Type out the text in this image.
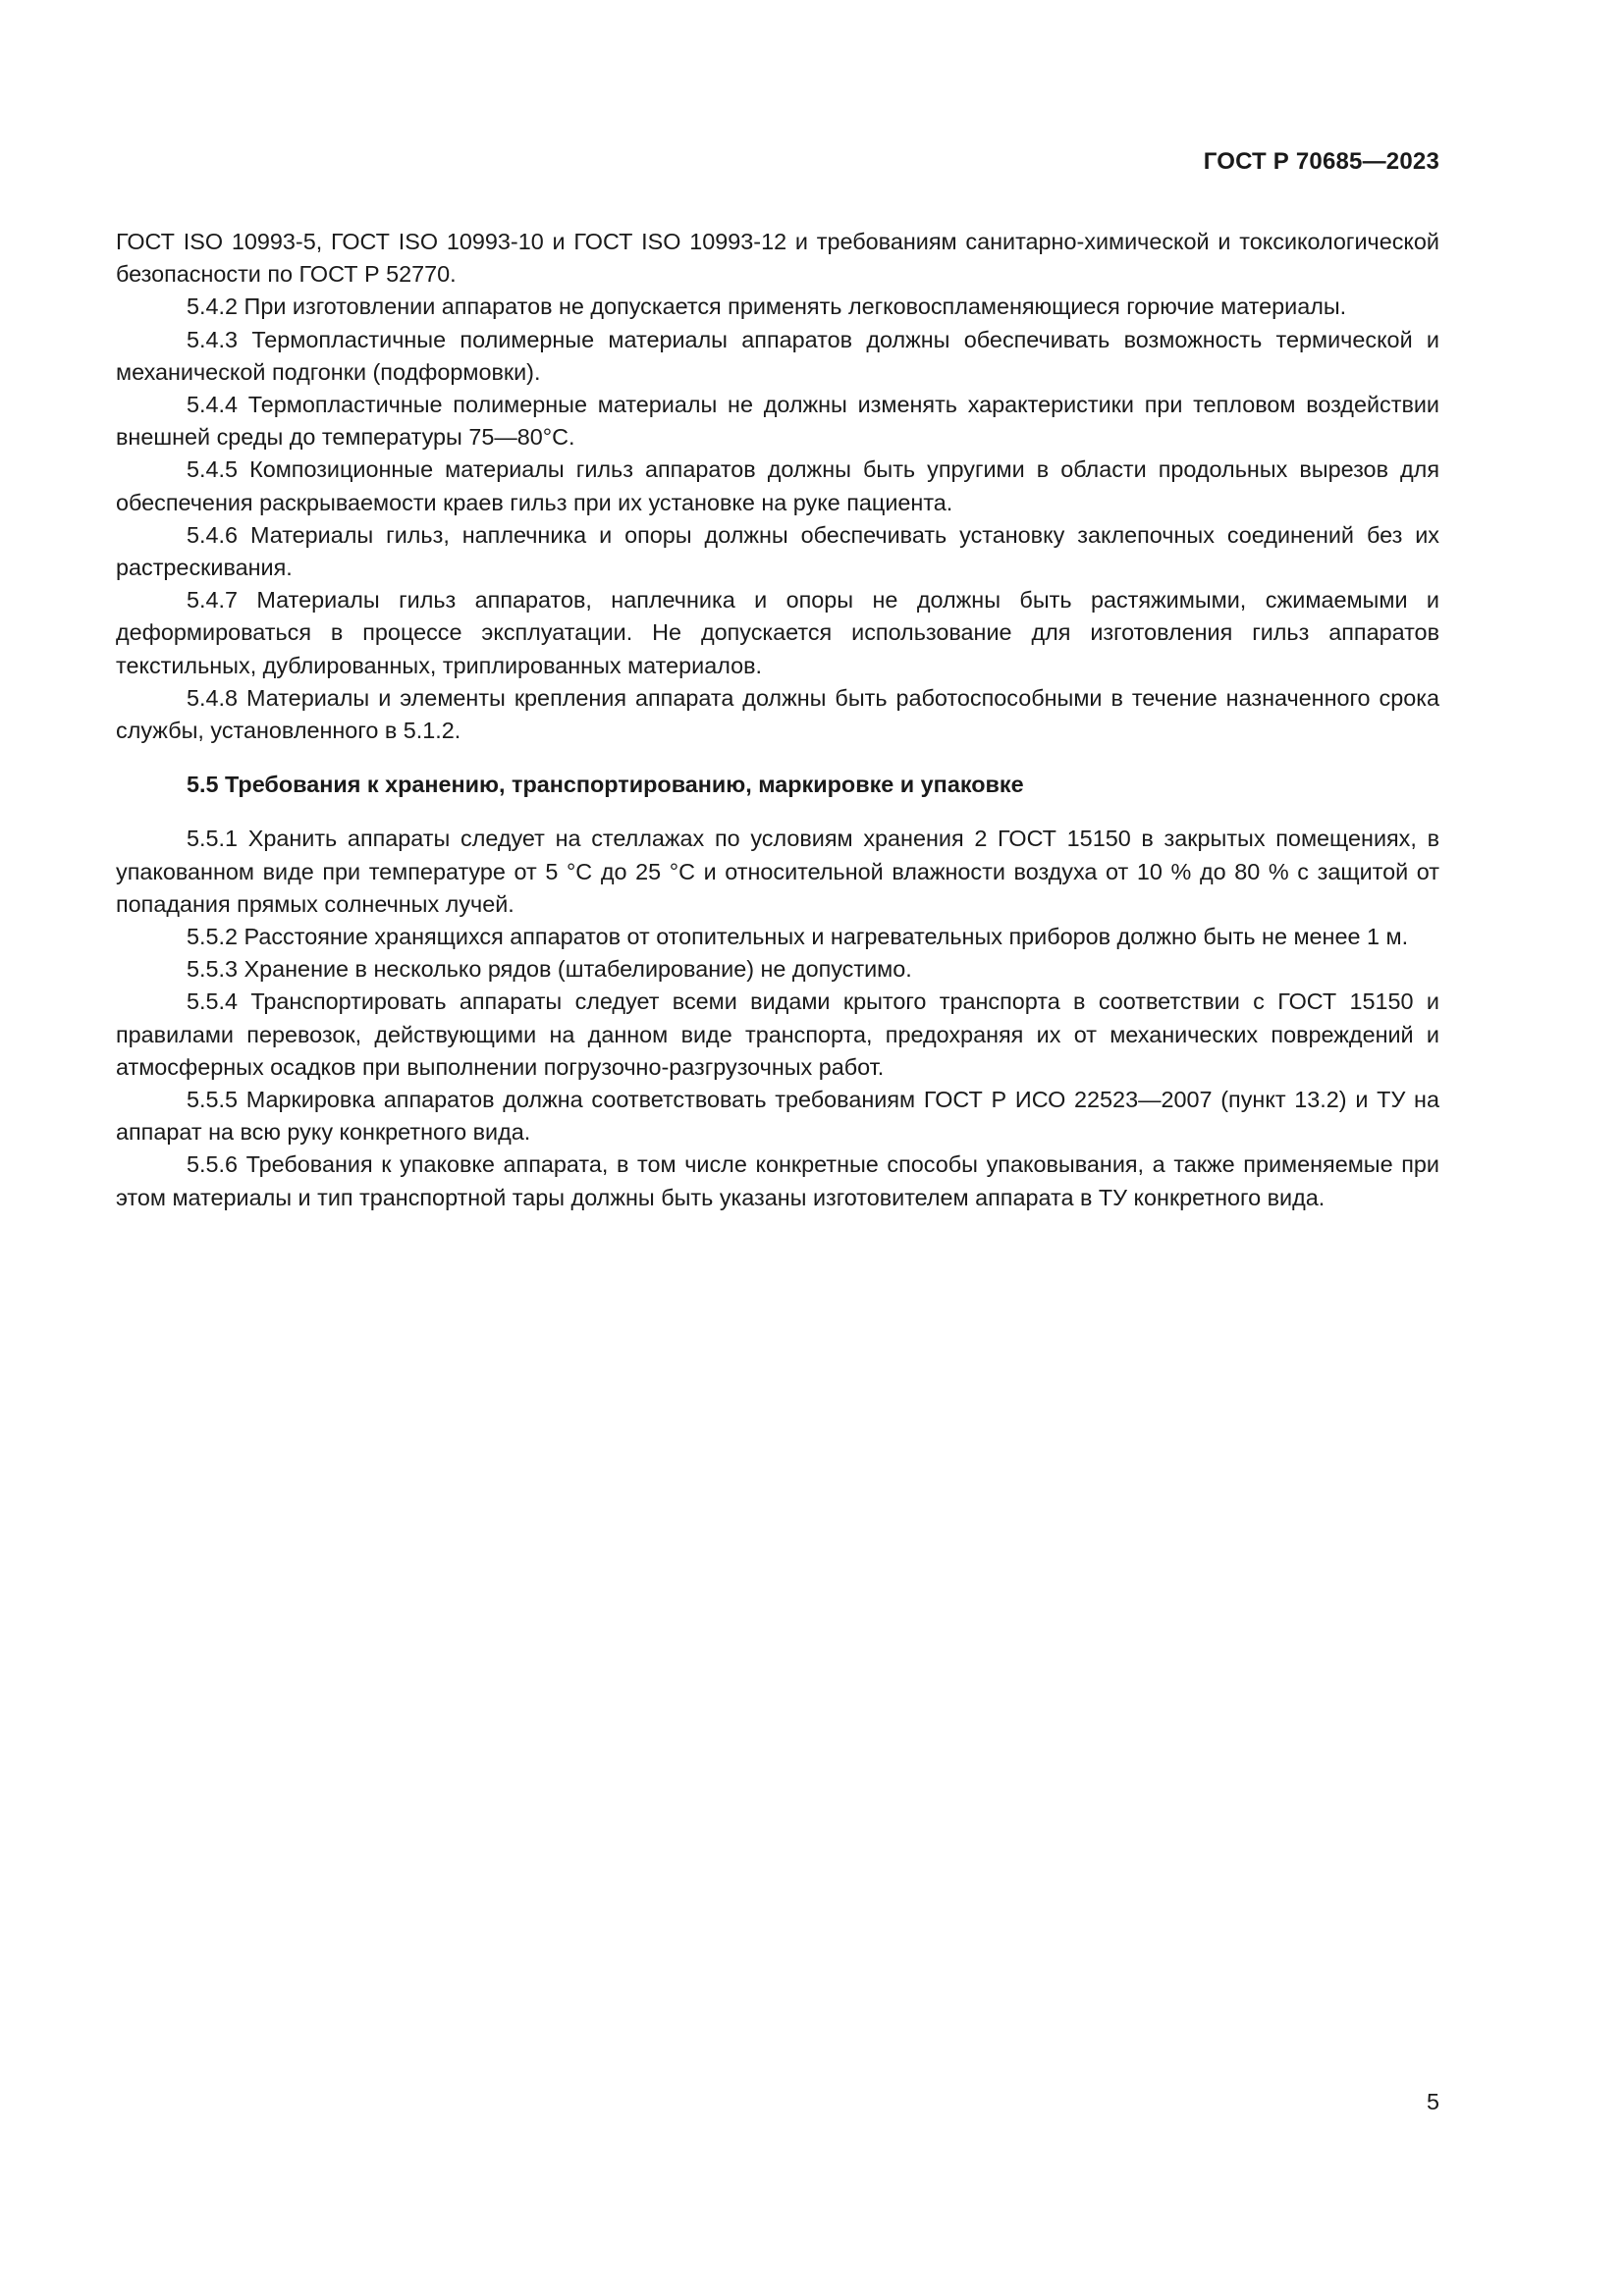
ГОСТ Р 70685—2023

ГОСТ ISO 10993-5, ГОСТ ISO 10993-10 и ГОСТ ISO 10993-12 и требованиям санитарно-химической и токсикологической безопасности по ГОСТ Р 52770.

5.4.2 При изготовлении аппаратов не допускается применять легковоспламеняющиеся горючие материалы.

5.4.3 Термопластичные полимерные материалы аппаратов должны обеспечивать возможность термической и механической подгонки (подформовки).

5.4.4 Термопластичные полимерные материалы не должны изменять характеристики при тепловом воздействии внешней среды до температуры 75—80°С.

5.4.5 Композиционные материалы гильз аппаратов должны быть упругими в области продольных вырезов для обеспечения раскрываемости краев гильз при их установке на руке пациента.

5.4.6 Материалы гильз, наплечника и опоры должны обеспечивать установку заклепочных соединений без их растрескивания.

5.4.7 Материалы гильз аппаратов, наплечника и опоры не должны быть растяжимыми, сжимаемыми и деформироваться в процессе эксплуатации. Не допускается использование для изготовления гильз аппаратов текстильных, дублированных, триплированных материалов.

5.4.8 Материалы и элементы крепления аппарата должны быть работоспособными в течение назначенного срока службы, установленного в 5.1.2.

5.5 Требования к хранению, транспортированию, маркировке и упаковке

5.5.1 Хранить аппараты следует на стеллажах по условиям хранения 2 ГОСТ 15150 в закрытых помещениях, в упакованном виде при температуре от 5 °С до 25 °С и относительной влажности воздуха от 10 % до 80 % с защитой от попадания прямых солнечных лучей.

5.5.2 Расстояние хранящихся аппаратов от отопительных и нагревательных приборов должно быть не менее 1 м.

5.5.3 Хранение в несколько рядов (штабелирование) не допустимо.

5.5.4 Транспортировать аппараты следует всеми видами крытого транспорта в соответствии с ГОСТ 15150 и правилами перевозок, действующими на данном виде транспорта, предохраняя их от механических повреждений и атмосферных осадков при выполнении погрузочно-разгрузочных работ.

5.5.5 Маркировка аппаратов должна соответствовать требованиям ГОСТ Р ИСО 22523—2007 (пункт 13.2) и ТУ на аппарат на всю руку конкретного вида.

5.5.6 Требования к упаковке аппарата, в том числе конкретные способы упаковывания, а также применяемые при этом материалы и тип транспортной тары должны быть указаны изготовителем аппарата в ТУ конкретного вида.

5
